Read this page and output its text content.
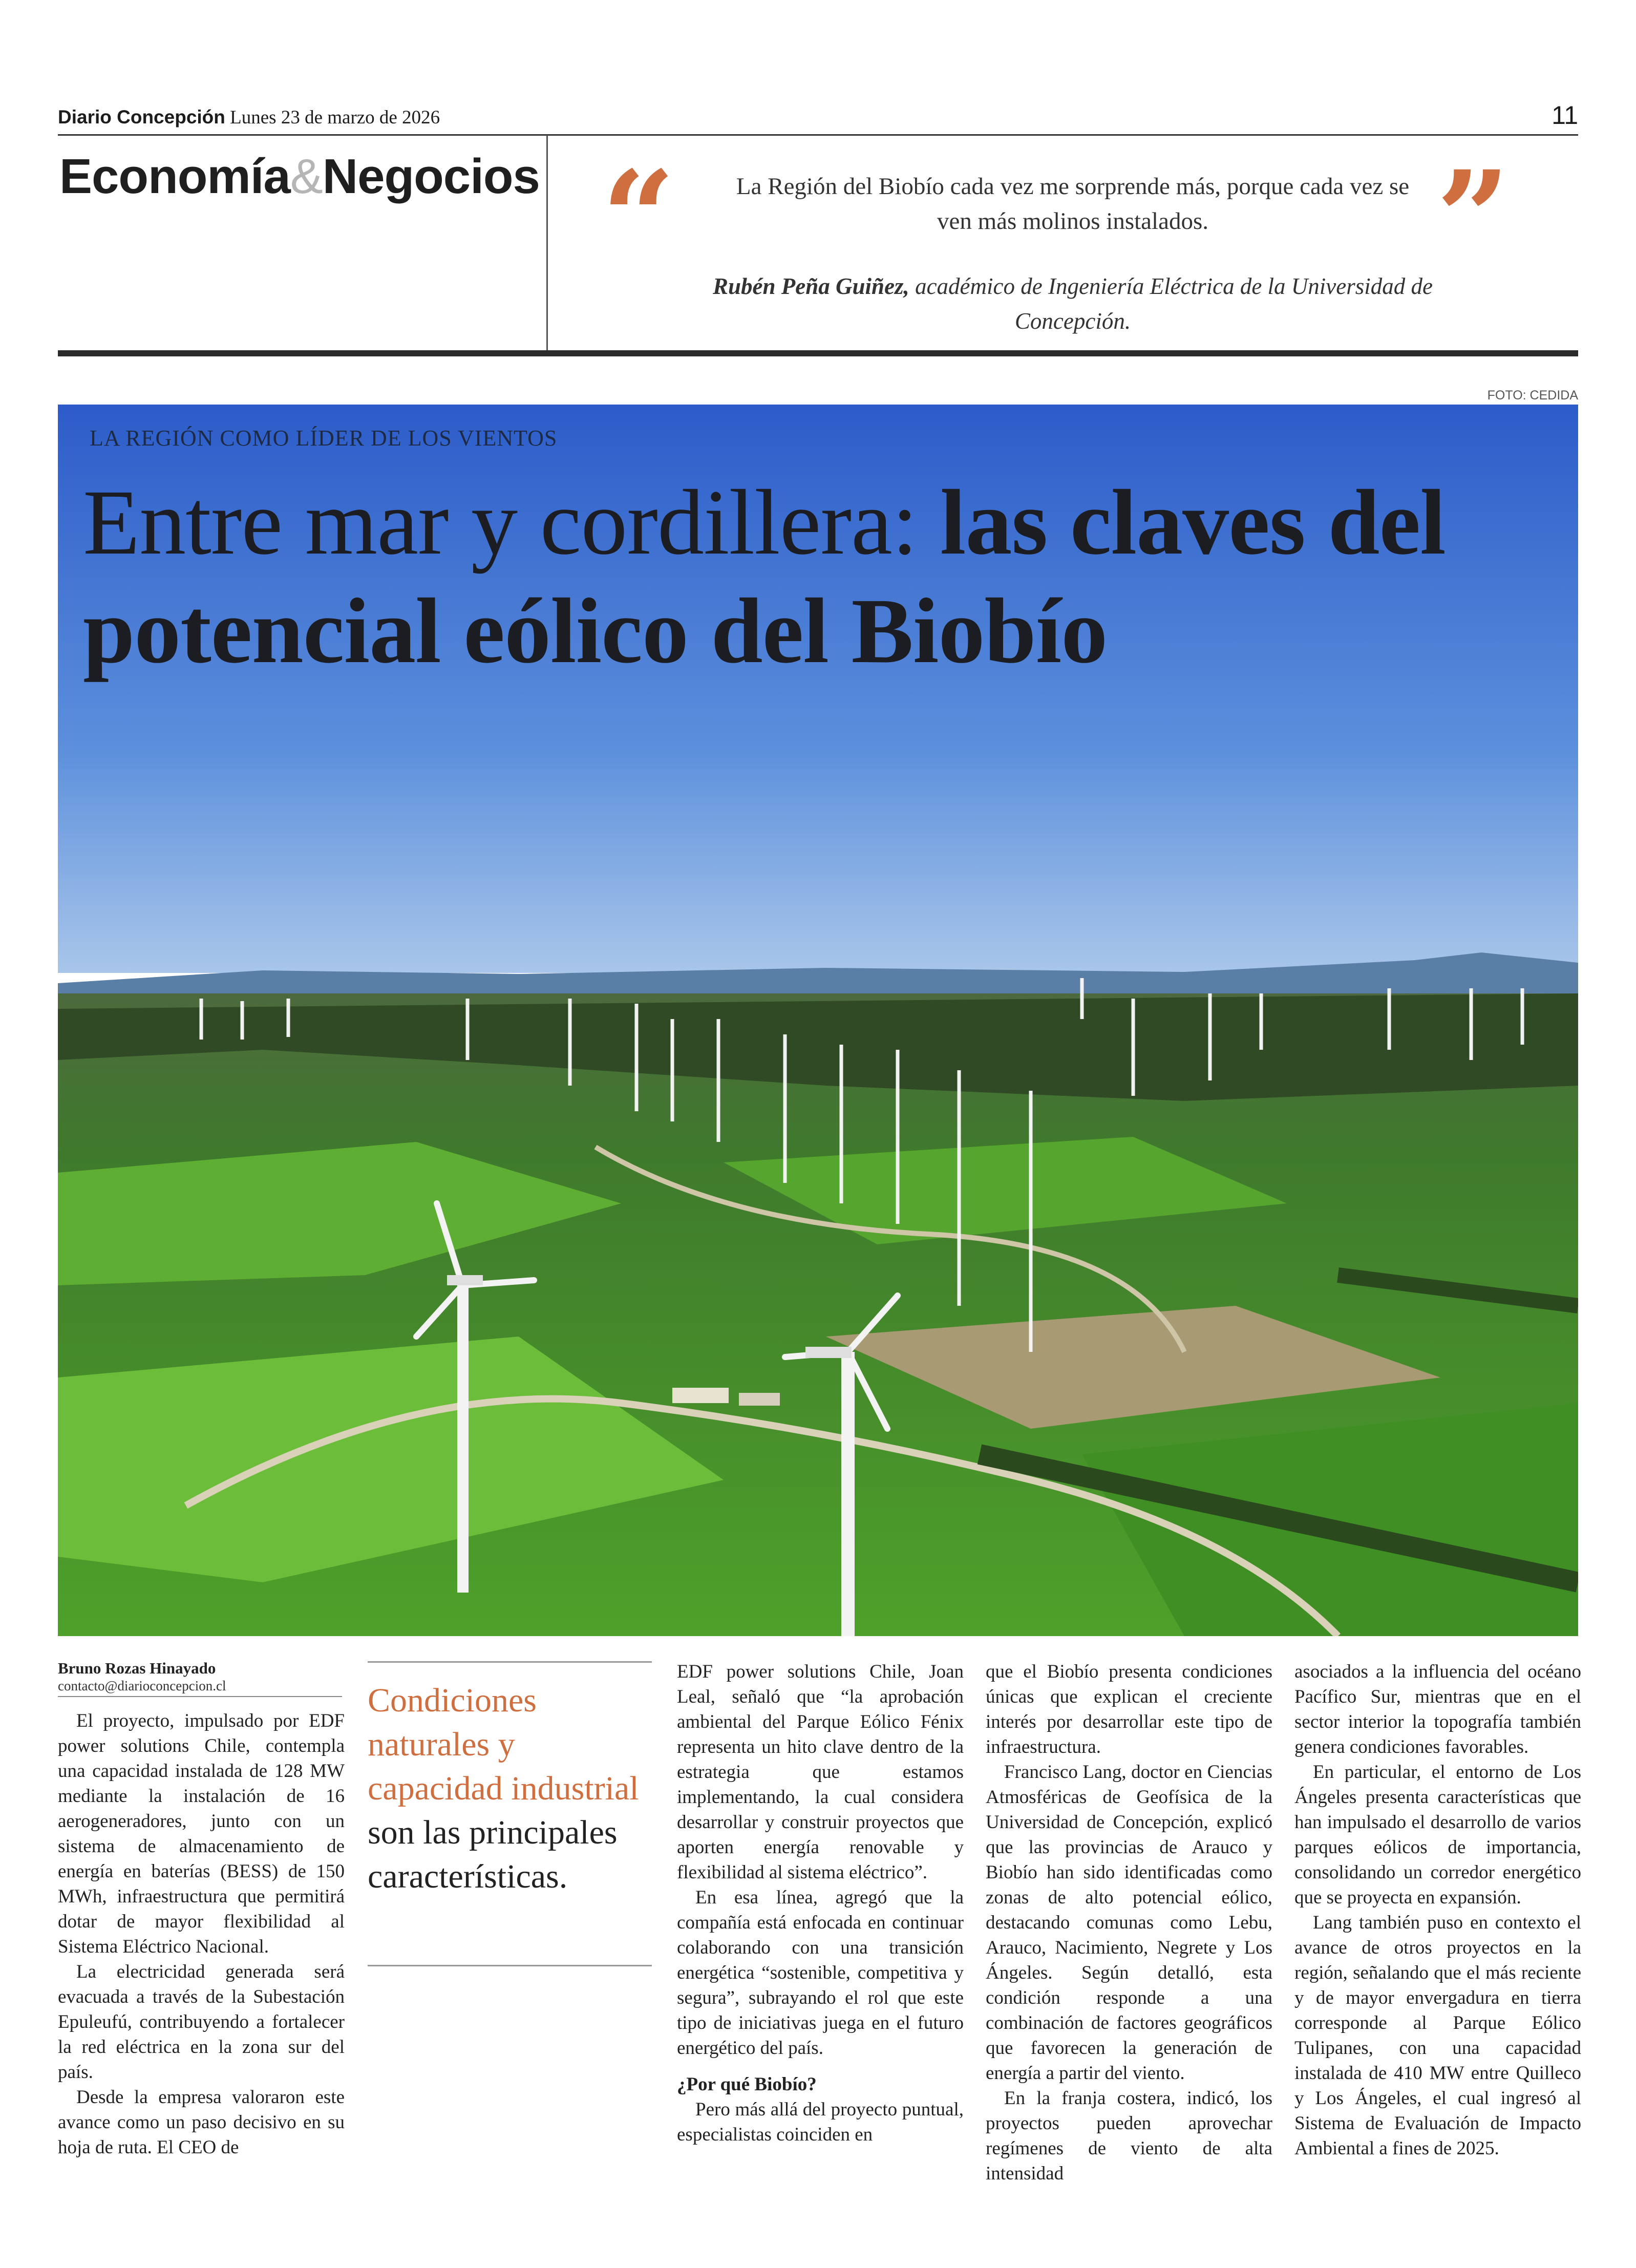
Diario Concepción Lunes 23 de marzo de 2026	11
Economía&Negocios “	”
La Región del Biobío cada vez me sorprende más, porque cada vez se ven más molinos instalados.
Rubén Peña Guiñez, académico de Ingeniería Eléctrica de la Universidad de Concepción.
FOTO: CEDIDA
LA REGIÓN COMO LÍDER DE LOS VIENTOS
Entre mar y cordillera: las claves del potencial eólico del Biobío
Bruno Rozas Hinayado
contacto@diarioconcepcion.cl

El proyecto, impulsado por EDF power solutions Chile, contempla una capacidad instalada de 128 MW mediante la instalación de 16 aerogeneradores, junto con un sistema de almacenamiento de energía en baterías (BESS) de 150 MWh, infraestructura que permitirá dotar de mayor flexibilidad al Sistema Eléctrico Nacional.

La electricidad generada será evacuada a través de la Subestación Epuleufú, contribuyendo a fortalecer la red eléctrica en la zona sur del país.

Desde la empresa valoraron este avance como un paso decisivo en su hoja de ruta. El CEO de

Condiciones naturales y capacidad industrial son las principales características.

EDF power solutions Chile, Joan Leal, señaló que “la aprobación ambiental del Parque Eólico Fénix representa un hito clave dentro de la estrategia que estamos implementando, la cual considera desarrollar y construir proyectos que aporten energía renovable y flexibilidad al sistema eléctrico”.

En esa línea, agregó que la compañía está enfocada en continuar colaborando con una transición energética “sostenible, competitiva y segura”, subrayando el rol que este tipo de iniciativas juega en el futuro energético del país.

¿Por qué Biobío?

Pero más allá del proyecto puntual, especialistas coinciden en

que el Biobío presenta condiciones únicas que explican el creciente interés por desarrollar este tipo de infraestructura.

Francisco Lang, doctor en Ciencias Atmosféricas de Geofísica de la Universidad de Concepción, explicó que las provincias de Arauco y Biobío han sido identificadas como zonas de alto potencial eólico, destacando comunas como Lebu, Arauco, Nacimiento, Negrete y Los Ángeles. Según detalló, esta condición responde a una combinación de factores geográficos que favorecen la generación de energía a partir del viento.

En la franja costera, indicó, los proyectos pueden aprovechar regímenes de viento de alta intensidad

asociados a la influencia del océano Pacífico Sur, mientras que en el sector interior la topografía también genera condiciones favorables.

En particular, el entorno de Los Ángeles presenta características que han impulsado el desarrollo de varios parques eólicos de importancia, consolidando un corredor energético que se proyecta en expansión.

Lang también puso en contexto el avance de otros proyectos en la región, señalando que el más reciente y de mayor envergadura en tierra corresponde al Parque Eólico Tulipanes, con una capacidad instalada de 410 MW entre Quilleco y Los Ángeles, el cual ingresó al Sistema de Evaluación de Impacto Ambiental a fines de 2025.
